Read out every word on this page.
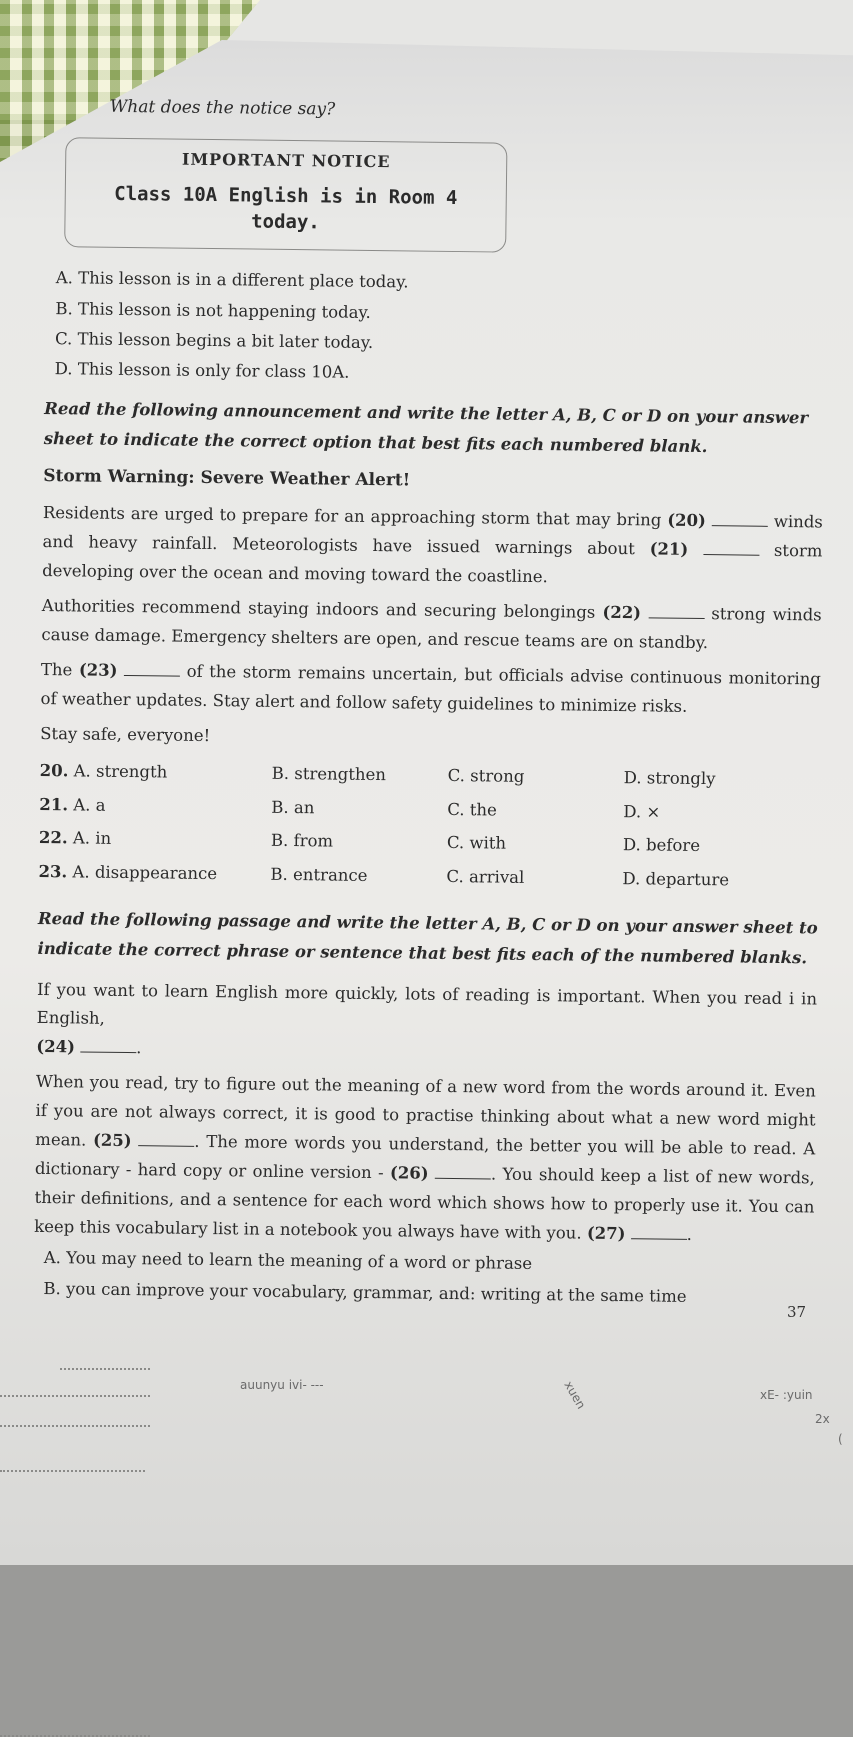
What does the notice say?
IMPORTANT NOTICE
Class 10A English is in Room 4
today.
A. This lesson is in a different place today.
B. This lesson is not happening today.
C. This lesson begins a bit later today.
D. This lesson is only for class 10A.
Read the following announcement and write the letter A, B, C or D on your answer sheet to indicate the correct option that best fits each numbered blank.
Storm Warning: Severe Weather Alert!
Residents are urged to prepare for an approaching storm that may bring (20)	winds and heavy rainfall. Meteorologists have issued warnings about (21)	storm developing over the ocean and moving toward the coastline.
Authorities recommend staying indoors and securing belongings (22)	strong winds cause damage. Emergency shelters are open, and rescue teams are on standby.
The (23)	of the storm remains uncertain, but officials advise continuous monitoring of weather updates. Stay alert and follow safety guidelines to minimize risks.
Stay safe, everyone!
20. A. strength	B. strengthen	C. strong	D. strongly
21. A. a	B. an	C. the	D. ×
22. A. in	B. from	C. with	D. before
23. A. disappearance	B. entrance	C. arrival	D. departure
Read the following passage and write the letter A, B, C or D on your answer sheet to indicate the correct phrase or sentence that best fits each of the numbered blanks.
If you want to learn English more quickly, lots of reading is important. When you read i in English,
(24)	.
When you read, try to figure out the meaning of a new word from the words around it. Even if you are not always correct, it is good to practise thinking about what a new word might mean. (25)	. The more words you understand, the better you will be able to read. A dictionary - hard copy or online version - (26)	. You should keep a list of new words, their definitions, and a sentence for each word which shows how to properly use it. You can keep this vocabulary list in a notebook you always have with you. (27)	.
A. You may need to learn the meaning of a word or phrase
B. you can improve your vocabulary, grammar, and: writing at the same time
37
auunyu ivi- ---	xuen	xE- :yuin
2x
(
